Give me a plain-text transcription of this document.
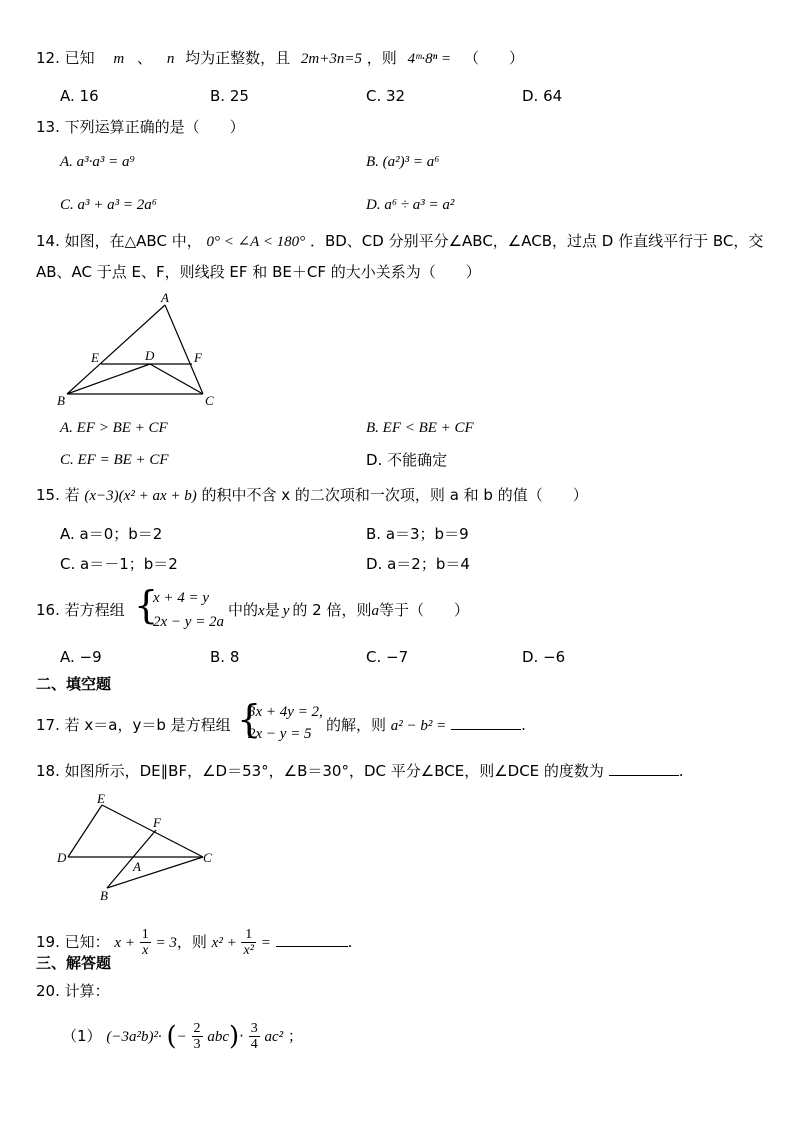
12. 已知 m 、 n 均为正整数，且 2m+3n=5 ，则 4ᵐ·8ⁿ = （　　）
A. 16	B. 25	C. 32	D. 64
13. 下列运算正确的是（　　）
A. a³·a³ = a⁹	B. (a²)³ = a⁶
C. a³ + a³ = 2a⁶	D. a⁶ ÷ a³ = a²
14. 如图，在△ABC 中， 0° < ∠A < 180° ．BD、CD 分别平分∠ABC，∠ACB，过点 D 作直线平行于 BC，交
AB、AC 于点 E、F，则线段 EF 和 BE＋CF 的大小关系为（　　）
A
E	D	F
B	C
A. EF > BE + CF	B. EF < BE + CF
C. EF = BE + CF	D. 不能确定
15. 若 (x−3)(x² + ax + b) 的积中不含 x 的二次项和一次项，则 a 和 b 的值（　　）
A. a＝0；b＝2	B. a＝3；b＝9
C. a＝－1；b＝2	D. a＝2；b＝4
16. 若方程组 {
x + 4 = y
2x − y = 2a
中的x是 y 的 2 倍，则a等于（　　）
A. −9	B. 8	C. −7	D. −6
二、填空题
17. 若 x＝a，y＝b 是方程组 {
3x + 4y = 2,
2x − y = 5 的解，则 a² − b² =	.
18. 如图所示，DE∥BF，∠D＝53°，∠B＝30°，DC 平分∠BCE，则∠DCE 的度数为	.
E
F
D
A
C
B
19. 已知： $x + \frac{1}{x} = 3$，则 $x^2 + \frac{1}{\text{x²}}$ =	.
三、解答题
20. 计算：
（1） (−3a²b)²· (− $\frac{2}{3} abc)\cdot \frac{3}{4} ac^2$ ；
